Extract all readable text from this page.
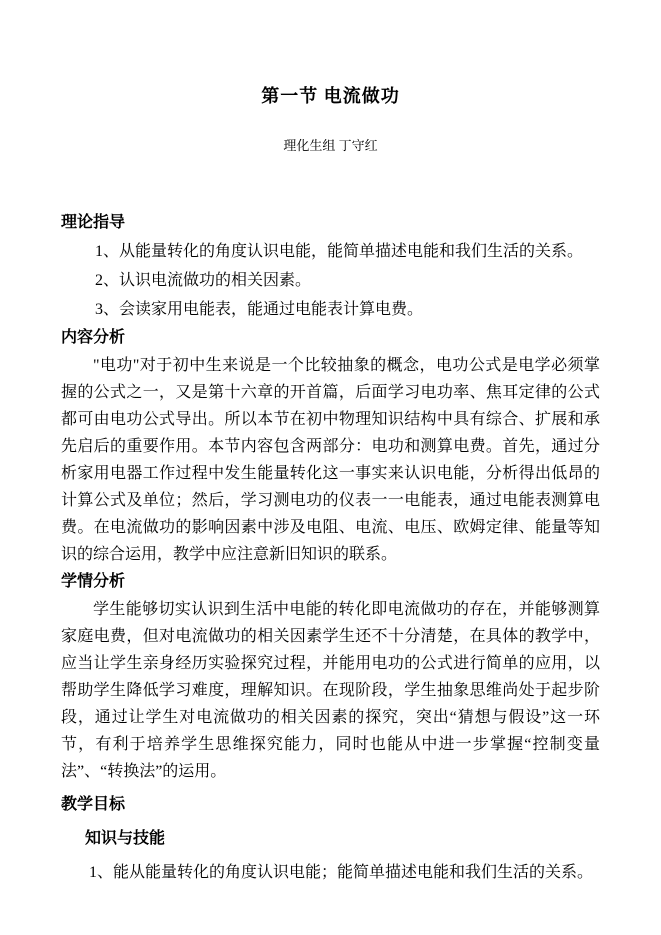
第一节 电流做功

理化生组 丁守红

理论指导
1、从能量转化的角度认识电能，能简单描述电能和我们生活的关系。
2、认识电流做功的相关因素。
3、会读家用电能表，能通过电能表计算电费。
内容分析

"电功"对于初中生来说是一个比较抽象的概念，电功公式是电学必须掌握的公式之一，又是第十六章的开首篇，后面学习电功率、焦耳定律的公式都可由电功公式导出。所以本节在初中物理知识结构中具有综合、扩展和承先启后的重要作用。本节内容包含两部分：电功和测算电费。首先，通过分析家用电器工作过程中发生能量转化这一事实来认识电能，分析得出低昂的计算公式及单位；然后，学习测电功的仪表一一电能表，通过电能表测算电费。在电流做功的影响因素中涉及电阻、电流、电压、欧姆定律、能量等知识的综合运用，教学中应注意新旧知识的联系。

学情分析

学生能够切实认识到生活中电能的转化即电流做功的存在，并能够测算家庭电费，但对电流做功的相关因素学生还不十分清楚，在具体的教学中，应当让学生亲身经历实验探究过程，并能用电功的公式进行简单的应用，以帮助学生降低学习难度，理解知识。在现阶段，学生抽象思维尚处于起步阶段，通过让学生对电流做功的相关因素的探究，突出“猜想与假设”这一环节，有利于培养学生思维探究能力，同时也能从中进一步掌握“控制变量法”、“转换法”的运用。

教学目标
知识与技能

1、能从能量转化的角度认识电能；能简单描述电能和我们生活的关系。
